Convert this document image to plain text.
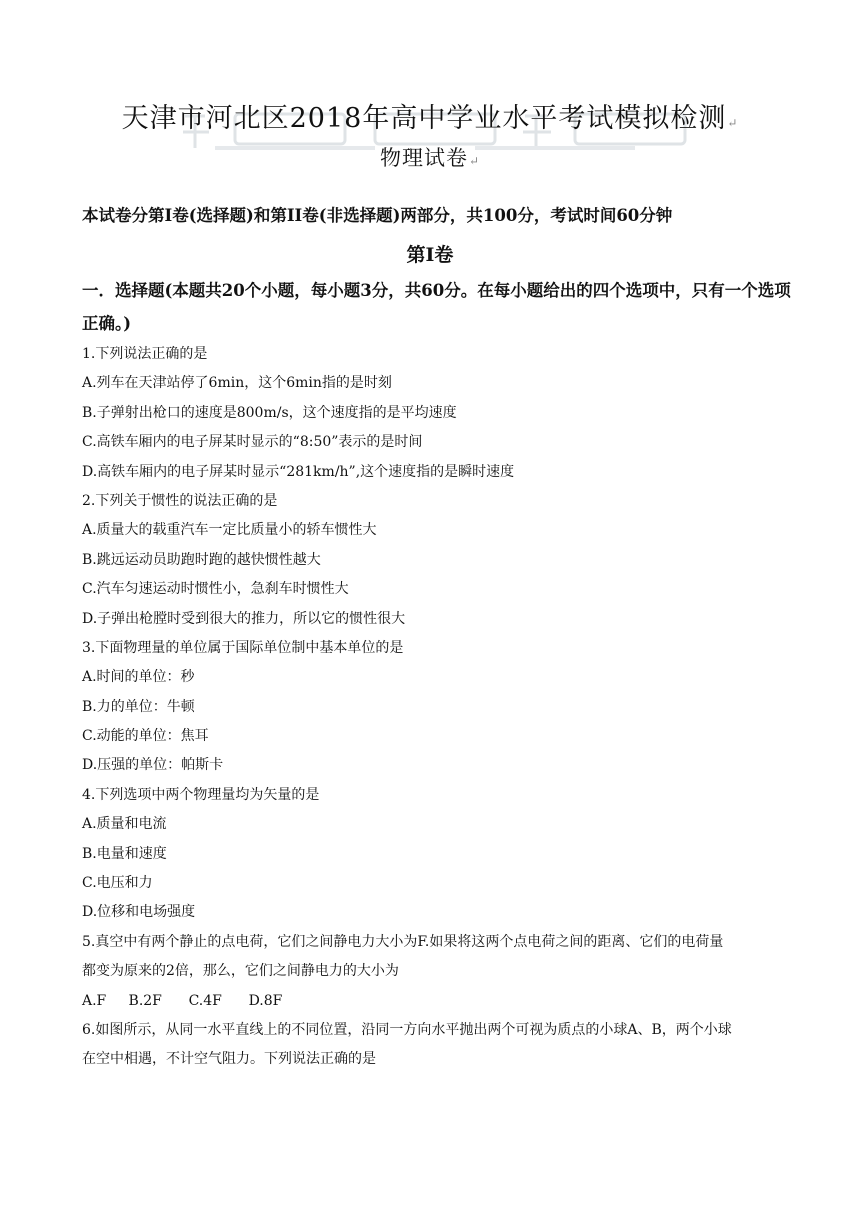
天津市河北区2018年高中学业水平考试模拟检测↵
物理试卷↵
本试卷分第I卷(选择题)和第II卷(非选择题)两部分，共100分，考试时间60分钟
第I卷
一．选择题(本题共20个小题，每小题3分，共60分。在每小题给出的四个选项中，只有一个选项正确。)
1.下列说法正确的是
A.列车在天津站停了6min，这个6min指的是时刻
B.子弹射出枪口的速度是800m/s，这个速度指的是平均速度
C.高铁车厢内的电子屏某时显示的“8:50”表示的是时间
D.高铁车厢内的电子屏某时显示“281km/h”,这个速度指的是瞬时速度
2.下列关于惯性的说法正确的是
A.质量大的载重汽车一定比质量小的轿车惯性大
B.跳远运动员助跑时跑的越快惯性越大
C.汽车匀速运动时惯性小，急刹车时惯性大
D.子弹出枪膛时受到很大的推力，所以它的惯性很大
3.下面物理量的单位属于国际单位制中基本单位的是
A.时间的单位：秒
B.力的单位：牛顿
C.动能的单位：焦耳
D.压强的单位：帕斯卡
4.下列选项中两个物理量均为矢量的是
A.质量和电流
B.电量和速度
C.电压和力
D.位移和电场强度
5.真空中有两个静止的点电荷，它们之间静电力大小为F.如果将这两个点电荷之间的距离、它们的电荷量
都变为原来的2倍，那么，它们之间静电力的大小为
A.F     B.2F      C.4F      D.8F
6.如图所示，从同一水平直线上的不同位置，沿同一方向水平抛出两个可视为质点的小球A、B，两个小球
在空中相遇，不计空气阻力。下列说法正确的是
